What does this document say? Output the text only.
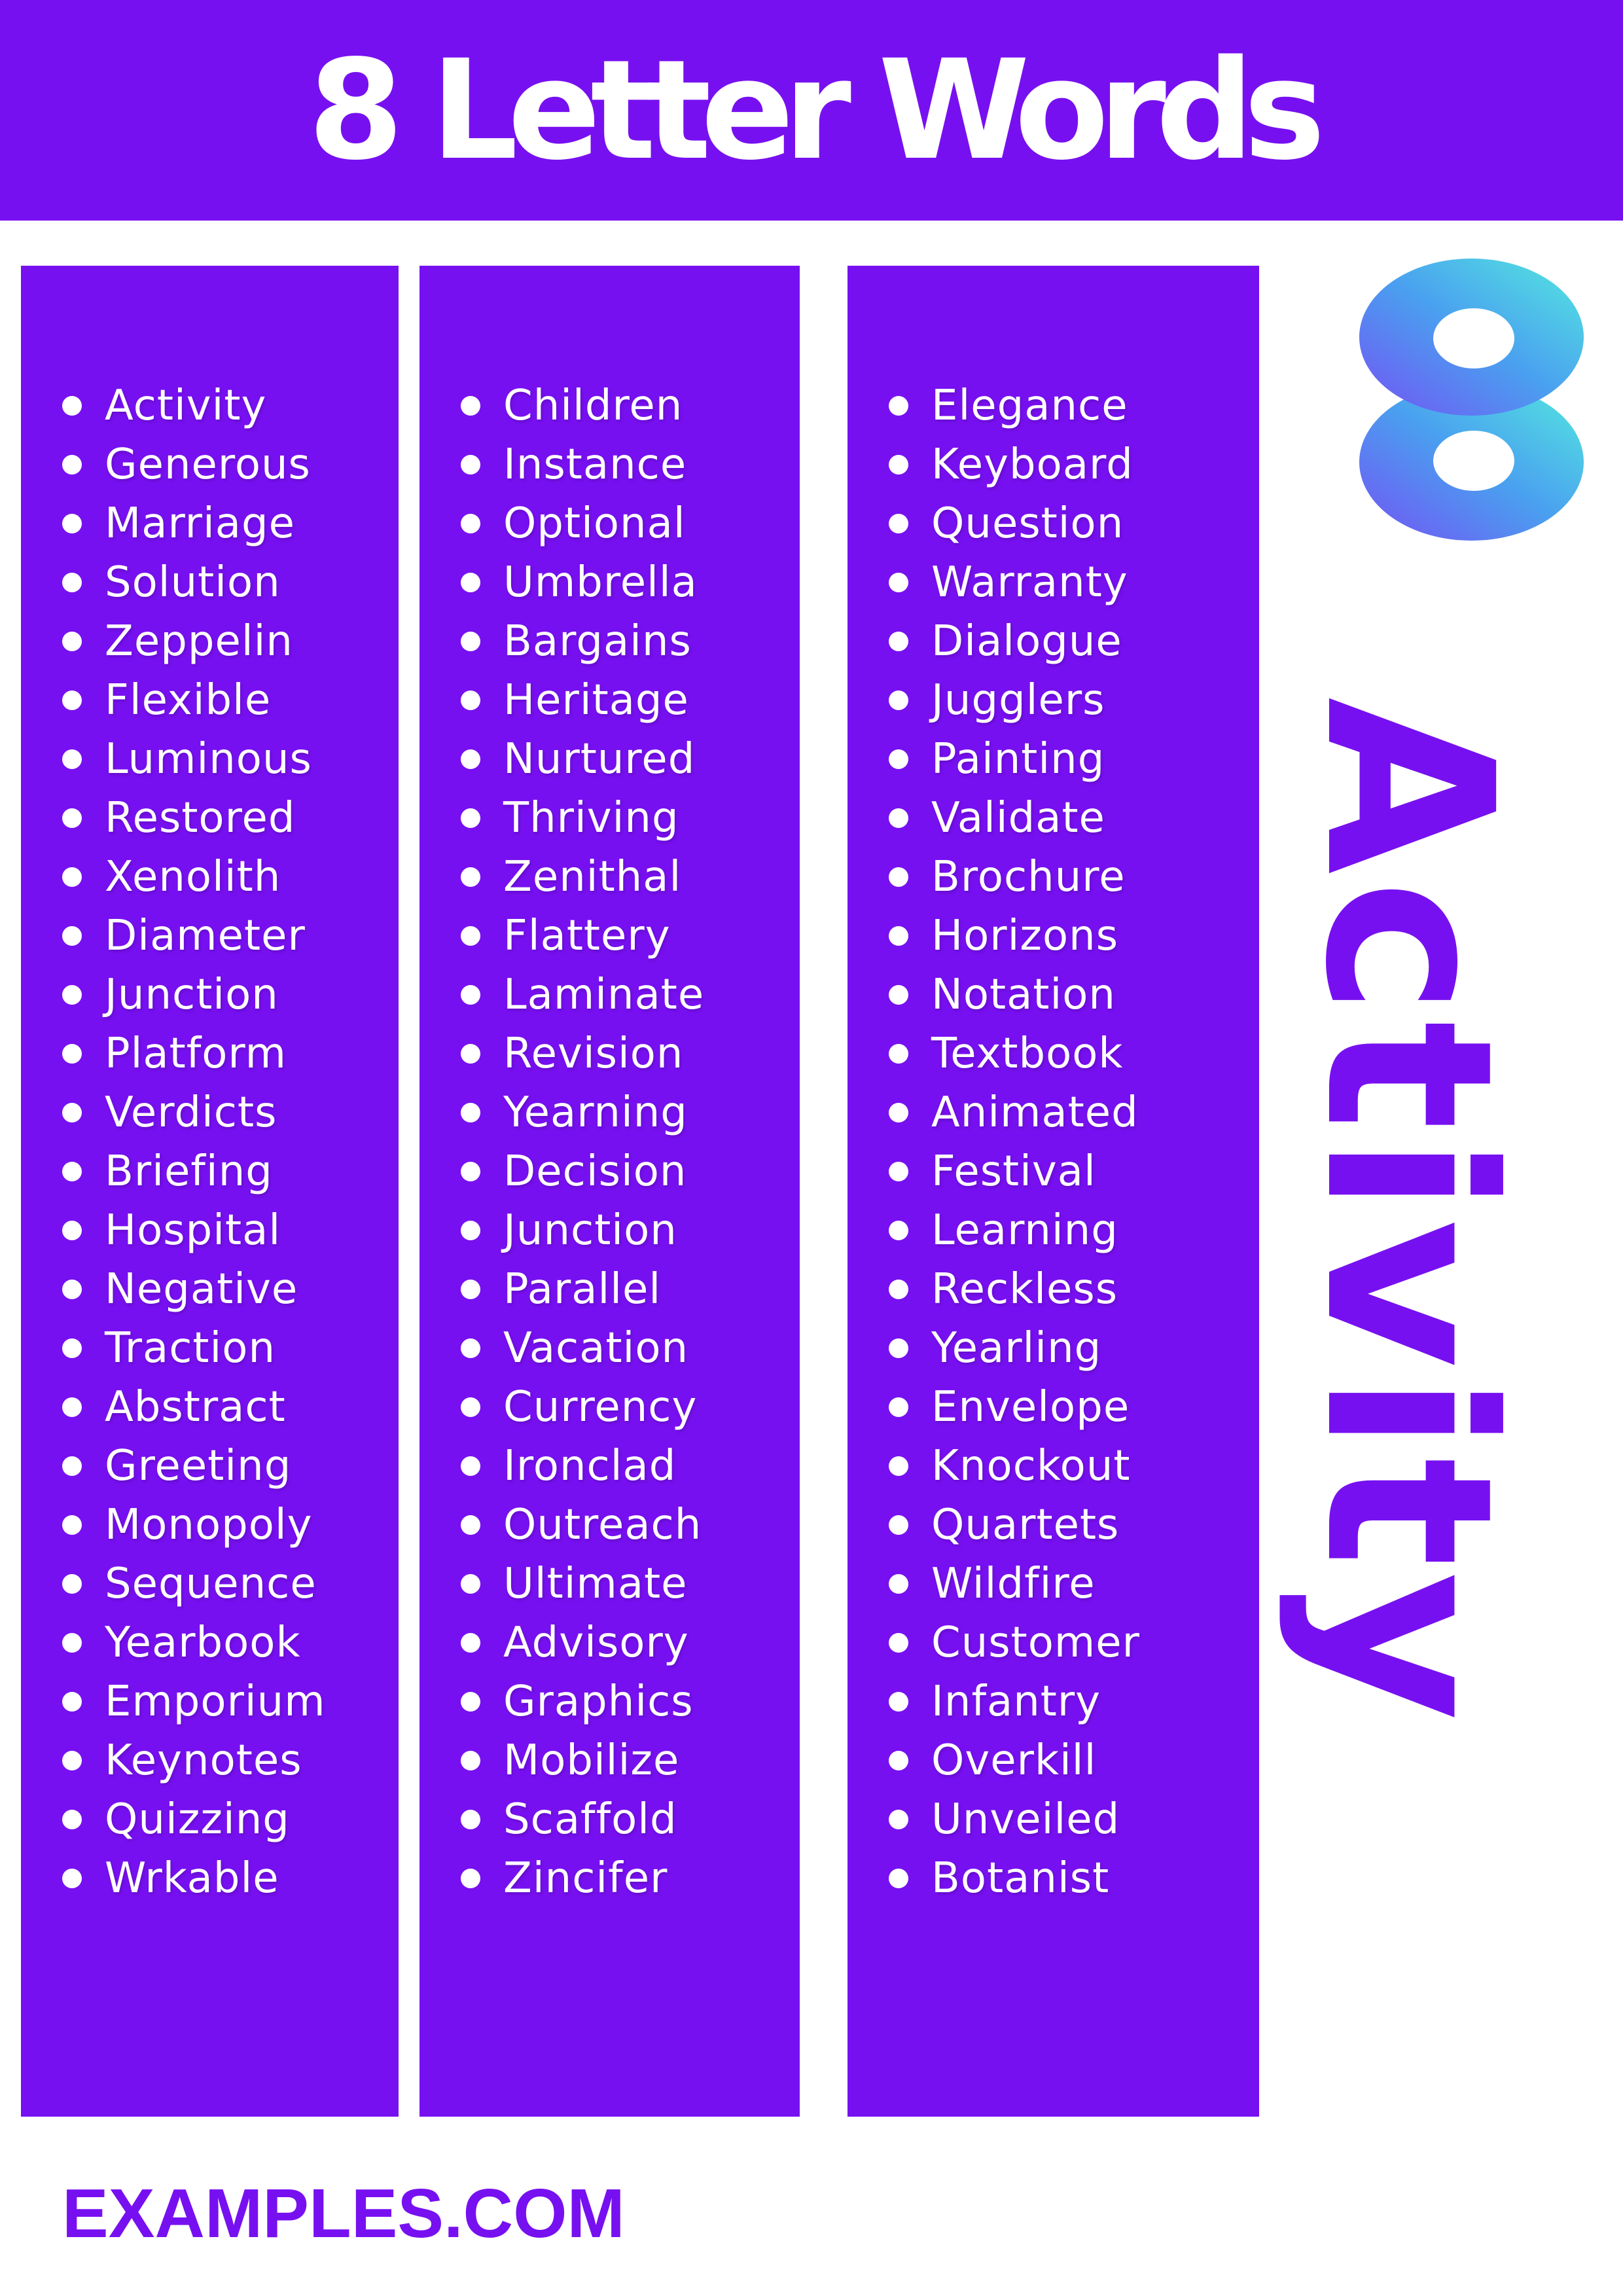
8 Letter Words
Activity
Generous
Marriage
Solution
Zeppelin
Flexible
Luminous
Restored
Xenolith
Diameter
Junction
Platform
Verdicts
Briefing
Hospital
Negative
Traction
Abstract
Greeting
Monopoly
Sequence
Yearbook
Emporium
Keynotes
Quizzing
Wrkable
Children
Instance
Optional
Umbrella
Bargains
Heritage
Nurtured
Thriving
Zenithal
Flattery
Laminate
Revision
Yearning
Decision
Junction
Parallel
Vacation
Currency
Ironclad
Outreach
Ultimate
Advisory
Graphics
Mobilize
Scaffold
Zincifer
Elegance
Keyboard
Question
Warranty
Dialogue
Jugglers
Painting
Validate
Brochure
Horizons
Notation
Textbook
Animated
Festival
Learning
Reckless
Yearling
Envelope
Knockout
Quartets
Wildfire
Customer
Infantry
Overkill
Unveiled
Botanist
Activity
EXAMPLES.COM
